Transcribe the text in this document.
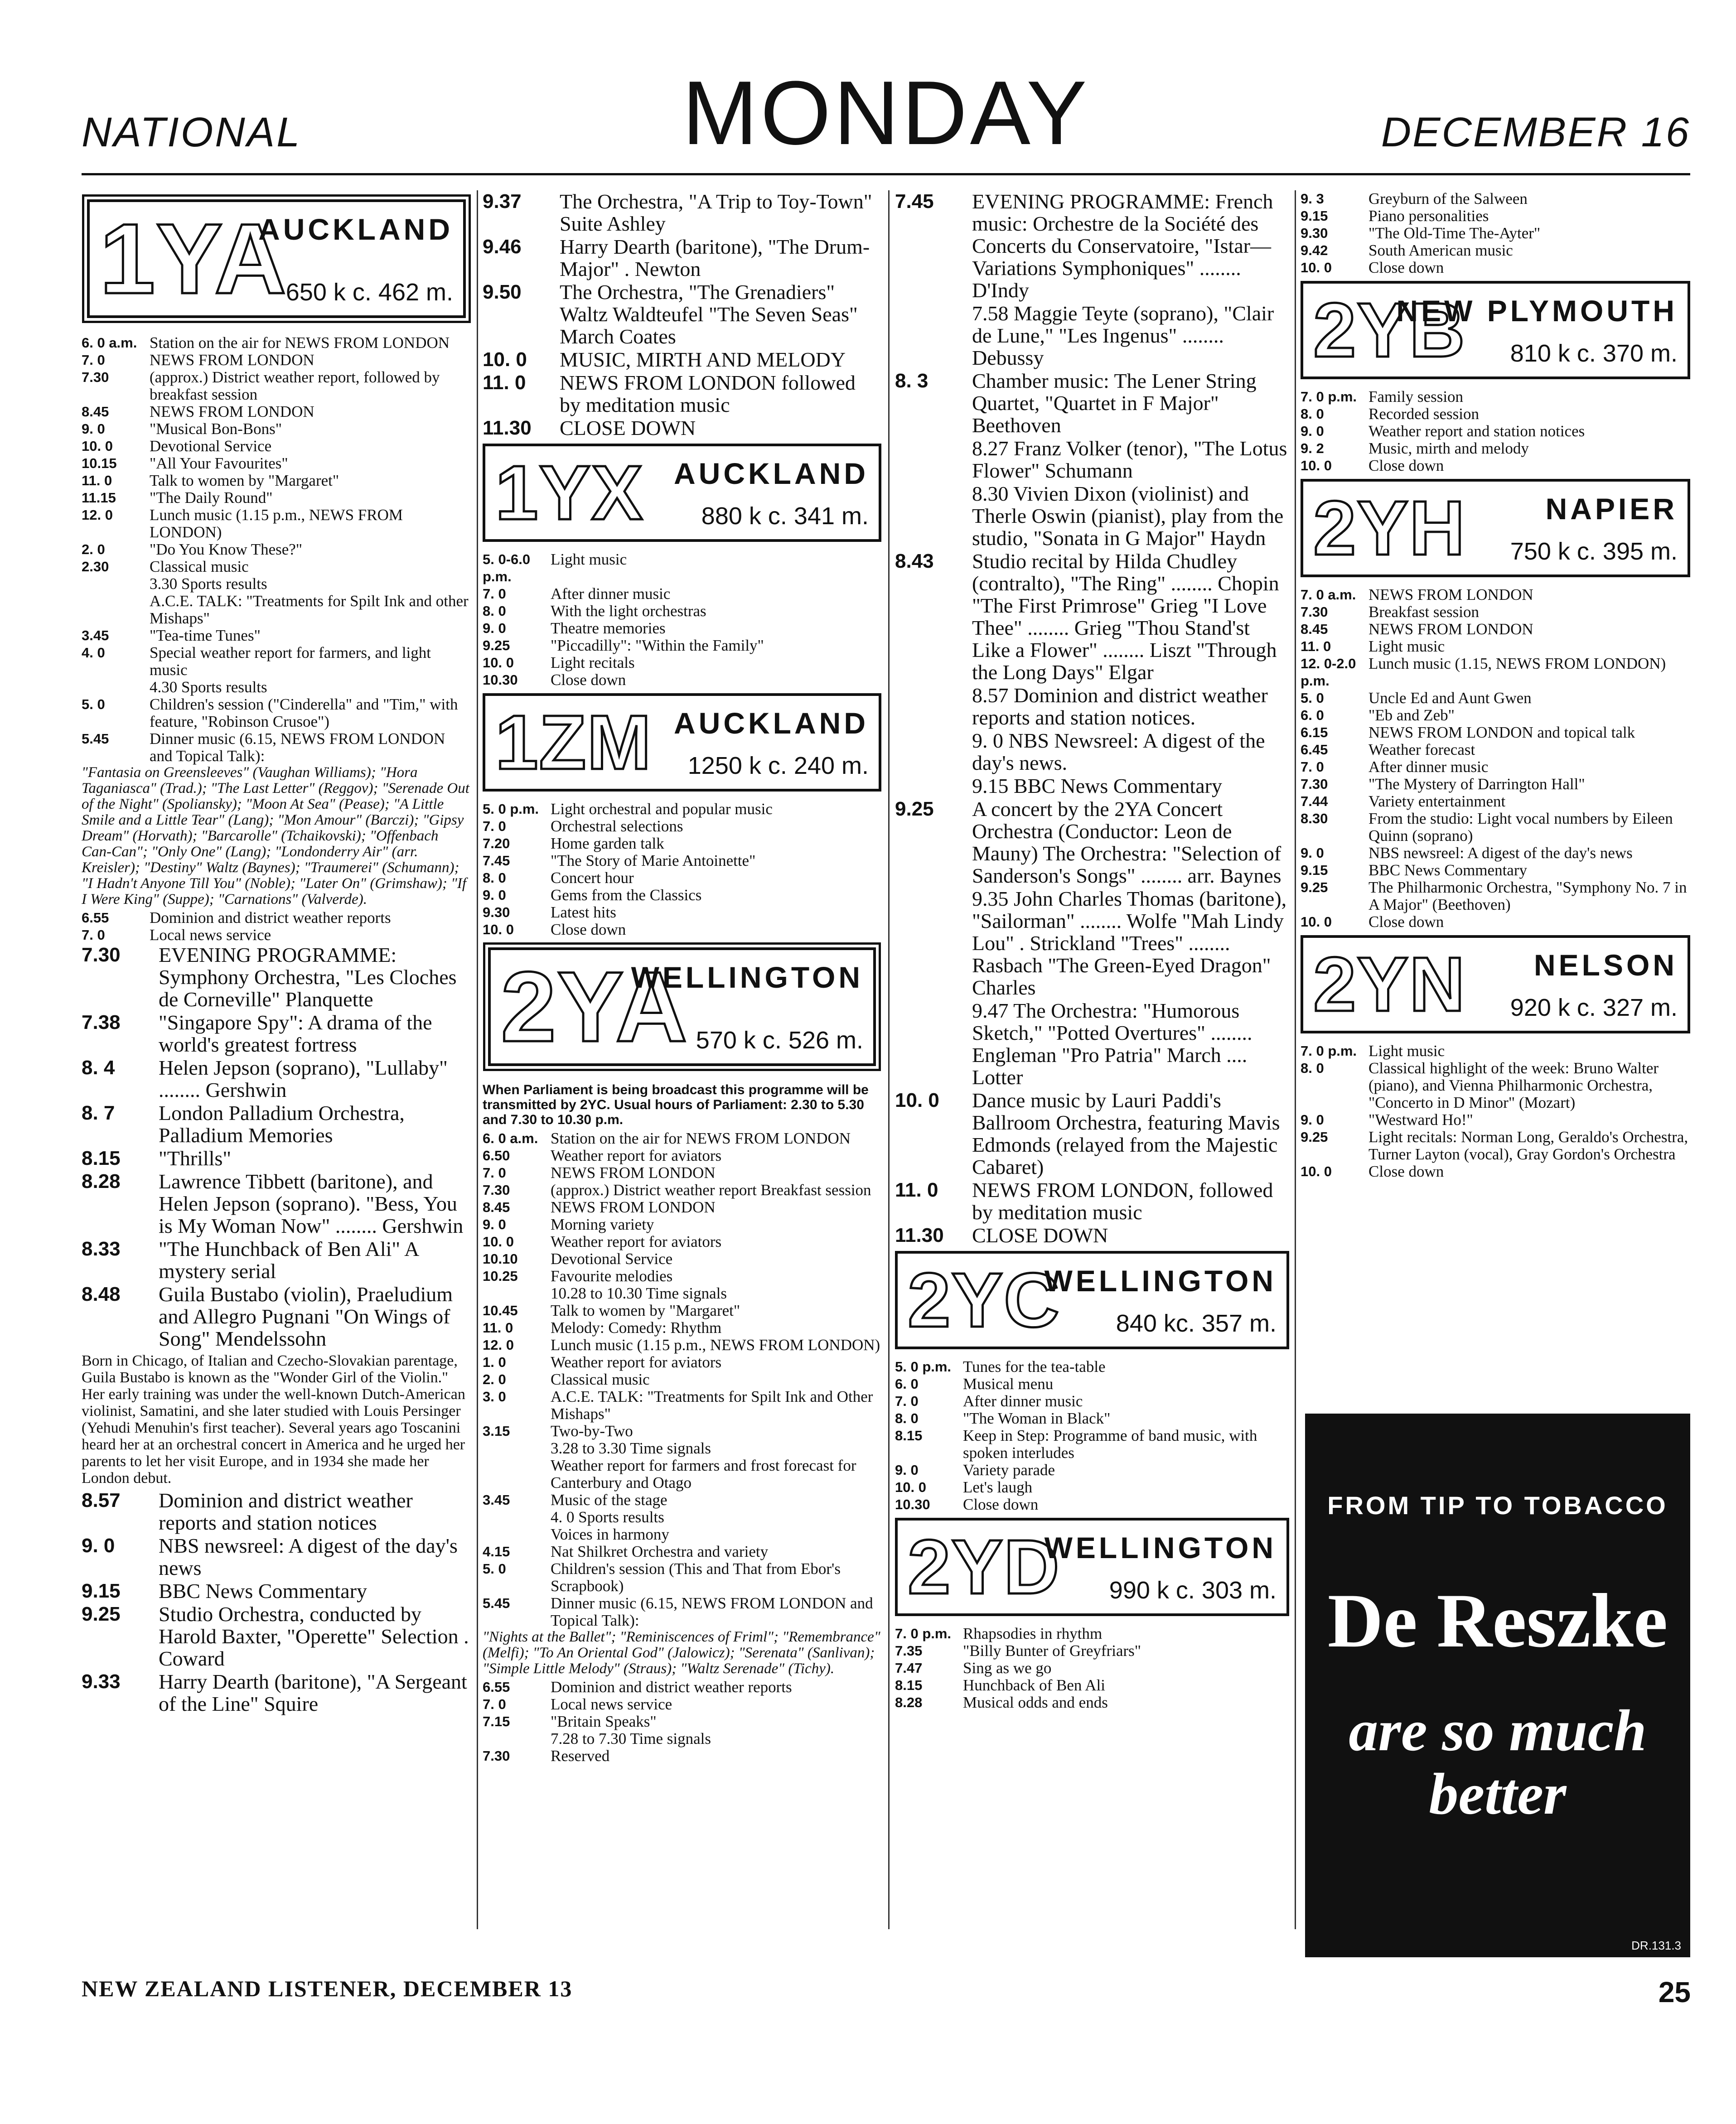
NATIONAL	MONDAY	DECEMBER 16
1YA
AUCKLAND
650 k c. 462 m.
6. 0 a.m. Station on the air for NEWS FROM LONDON
7. 0	NEWS FROM LONDON
7.30	(approx.) District weather report, followed by breakfast session
8.45	NEWS FROM LONDON
9. 0	"Musical Bon-Bons"
10. 0	Devotional Service
10.15	"All Your Favourites"
11. 0	Talk to women by "Margaret"
11.15	"The Daily Round"
12. 0	Lunch music (1.15 p.m., NEWS FROM LONDON)
2. 0	"Do You Know These?"
2.30	Classical music
3.30 Sports results
A.C.E. TALK: "Treatments for Spilt Ink and other Mishaps"
3.45	"Tea-time Tunes"
4. 0	Special weather report for farmers, and light music
4.30 Sports results
5. 0	Children's session ("Cinderella" and "Tim," with feature, "Robinson Crusoe")
5.45	Dinner music (6.15, NEWS FROM LONDON and Topical Talk):
"Fantasia on Greensleeves" (Vaughan Williams); "Hora Taganiasca" (Trad.); "The Last Letter" (Reggov); "Serenade Out of the Night" (Spoliansky); "Moon At Sea" (Pease); "A Little Smile and a Little Tear" (Lang); "Mon Amour" (Barczi); "Gipsy Dream" (Horvath); "Barcarolle" (Tchaikovski); "Offenbach Can-Can"; "Only One" (Lang); "Londonderry Air" (arr. Kreisler); "Destiny" Waltz (Baynes); "Traumerei" (Schumann); "I Hadn't Anyone Till You" (Noble); "Later On" (Grimshaw); "If I Were King" (Suppe); "Carnations" (Valverde).
6.55	Dominion and district weather reports
7. 0	Local news service
7.30	EVENING PROGRAMME: Symphony Orchestra, "Les Cloches de Corneville" Planquette
7.38	"Singapore Spy": A drama of the world's greatest fortress
8. 4	Helen Jepson (soprano), "Lullaby" ........ Gershwin
8. 7	London Palladium Orchestra, Palladium Memories
8.15	"Thrills"
8.28	Lawrence Tibbett (baritone), and Helen Jepson (soprano). "Bess, You is My Woman Now" ........ Gershwin
8.33	"The Hunchback of Ben Ali" A mystery serial
8.48	Guila Bustabo (violin), Praeludium and Allegro Pugnani "On Wings of Song" Mendelssohn
Born in Chicago, of Italian and Czecho-Slovakian parentage, Guila Bustabo is known as the "Wonder Girl of the Violin." Her early training was under the well-known Dutch-American violinist, Samatini, and she later studied with Louis Persinger (Yehudi Menuhin's first teacher). Several years ago Toscanini heard her at an orchestral concert in America and he urged her parents to let her visit Europe, and in 1934 she made her London debut.
8.57	Dominion and district weather reports and station notices
9. 0	NBS newsreel: A digest of the day's news
9.15	BBC News Commentary
9.25	Studio Orchestra, conducted by Harold Baxter, "Operette" Selection . Coward
9.33	Harry Dearth (baritone), "A Sergeant of the Line" Squire
9.37	The Orchestra, "A Trip to Toy-Town" Suite Ashley
9.46	Harry Dearth (baritone), "The Drum-Major" . Newton
9.50	The Orchestra, "The Grenadiers" Waltz Waldteufel "The Seven Seas" March Coates
10. 0	MUSIC, MIRTH AND MELODY
11. 0	NEWS FROM LONDON followed by meditation music
11.30	CLOSE DOWN
1YX AUCKLAND
880 k c. 341 m.
5. 0-6.0 p.m.
Light music
7. 0	After dinner music
8. 0	With the light orchestras
9. 0	Theatre memories
9.25	"Piccadilly": "Within the Family"
10. 0	Light recitals
10.30	Close down
1ZM AUCKLAND
1250 k c. 240 m.
5. 0 p.m. Light orchestral and popular music
7. 0	Orchestral selections
7.20	Home garden talk
7.45	"The Story of Marie Antoinette"
8. 0	Concert hour
9. 0	Gems from the Classics
9.30	Latest hits
10. 0	Close down
2YA
WELLINGTON
570 k c. 526 m.
When Parliament is being broadcast this programme will be transmitted by 2YC. Usual hours of Parliament: 2.30 to 5.30 and 7.30 to 10.30 p.m.
6. 0 a.m. Station on the air for NEWS FROM LONDON
6.50	Weather report for aviators
7. 0	NEWS FROM LONDON
7.30	(approx.) District weather report Breakfast session
8.45	NEWS FROM LONDON
9. 0	Morning variety
10. 0	Weather report for aviators
10.10	Devotional Service
10.25	Favourite melodies
10.28 to 10.30 Time signals
10.45	Talk to women by "Margaret"
11. 0	Melody: Comedy: Rhythm
12. 0	Lunch music (1.15 p.m., NEWS FROM LONDON)
1. 0	Weather report for aviators
2. 0	Classical music
3. 0	A.C.E. TALK: "Treatments for Spilt Ink and Other Mishaps"
3.15	Two-by-Two
3.28 to 3.30 Time signals
Weather report for farmers and frost forecast for Canterbury and Otago
3.45	Music of the stage
4. 0 Sports results
Voices in harmony
4.15	Nat Shilkret Orchestra and variety
5. 0	Children's session (This and That from Ebor's Scrapbook)
5.45	Dinner music (6.15, NEWS FROM LONDON and Topical Talk):
"Nights at the Ballet"; "Reminiscences of Friml"; "Remembrance" (Melfi); "To An Oriental God" (Jalowicz); "Serenata" (Sanlivan); "Simple Little Melody" (Straus); "Waltz Serenade" (Tichy).
6.55	Dominion and district weather reports
7. 0	Local news service
7.15	"Britain Speaks"
7.28 to 7.30 Time signals
7.30	Reserved
7.45	EVENING PROGRAMME: French music: Orchestre de la Société des Concerts du Conservatoire, "Istar—Variations Symphoniques" ........ D'Indy
7.58 Maggie Teyte (soprano), "Clair de Lune," "Les Ingenus" ........ Debussy
8. 3	Chamber music: The Lener String Quartet, "Quartet in F Major" Beethoven
8.27 Franz Volker (tenor), "The Lotus Flower" Schumann
8.30 Vivien Dixon (violinist) and Therle Oswin (pianist), play from the studio, "Sonata in G Major" Haydn
8.43	Studio recital by Hilda Chudley (contralto), "The Ring" ........ Chopin "The First Primrose" Grieg "I Love Thee" ........ Grieg "Thou Stand'st Like a Flower" ........ Liszt "Through the Long Days" Elgar
8.57 Dominion and district weather reports and station notices.
9. 0 NBS Newsreel: A digest of the day's news.
9.15 BBC News Commentary
9.25	A concert by the 2YA Concert Orchestra (Conductor: Leon de Mauny) The Orchestra: "Selection of Sanderson's Songs" ........ arr. Baynes
9.35 John Charles Thomas (baritone), "Sailorman" ........ Wolfe "Mah Lindy Lou" . Strickland "Trees" ........ Rasbach "The Green-Eyed Dragon" Charles
9.47 The Orchestra: "Humorous Sketch," "Potted Overtures" ........ Engleman "Pro Patria" March .... Lotter
10. 0	Dance music by Lauri Paddi's Ballroom Orchestra, featuring Mavis Edmonds (relayed from the Majestic Cabaret)
11. 0	NEWS FROM LONDON, followed by meditation music
11.30	CLOSE DOWN
2YC
WELLINGTON
840 kc. 357 m.
5. 0 p.m. Tunes for the tea-table
6. 0	Musical menu
7. 0	After dinner music
8. 0	"The Woman in Black"
8.15	Keep in Step: Programme of band music, with spoken interludes
9. 0	Variety parade
10. 0	Let's laugh
10.30	Close down
2YD
WELLINGTON
990 k c. 303 m.
7. 0 p.m. Rhapsodies in rhythm
7.35	"Billy Bunter of Greyfriars"
7.47	Sing as we go
8.15	Hunchback of Ben Ali
8.28	Musical odds and ends
9. 3	Greyburn of the Salween
9.15	Piano personalities
9.30	"The Old-Time The-Ayter"
9.42	South American music
10. 0	Close down
2YB
NEW PLYMOUTH
810 k c. 370 m.
7. 0 p.m. Family session
8. 0	Recorded session
9. 0	Weather report and station notices
9. 2	Music, mirth and melody
10. 0	Close down
2YH	NAPIER
750 k c. 395 m.
7. 0 a.m. NEWS FROM LONDON
7.30	Breakfast session
8.45	NEWS FROM LONDON
11. 0	Light music
12. 0-2.0 p.m.
Lunch music (1.15, NEWS FROM LONDON)
5. 0	Uncle Ed and Aunt Gwen
6. 0	"Eb and Zeb"
6.15	NEWS FROM LONDON and topical talk
6.45	Weather forecast
7. 0	After dinner music
7.30	"The Mystery of Darrington Hall"
7.44	Variety entertainment
8.30	From the studio: Light vocal numbers by Eileen Quinn (soprano)
9. 0	NBS newsreel: A digest of the day's news
9.15	BBC News Commentary
9.25	The Philharmonic Orchestra, "Symphony No. 7 in A Major" (Beethoven)
10. 0	Close down
2YN NELSON
920 k c. 327 m.
7. 0 p.m. Light music
8. 0	Classical highlight of the week: Bruno Walter (piano), and Vienna Philharmonic Orchestra, "Concerto in D Minor" (Mozart)
9. 0	"Westward Ho!"
9.25	Light recitals: Norman Long, Geraldo's Orchestra, Turner Layton (vocal), Gray Gordon's Orchestra
10. 0	Close down
FROM TIP TO TOBACCO
De Reszke
are so much better
DR.131.3
NEW ZEALAND LISTENER, DECEMBER 13	25
